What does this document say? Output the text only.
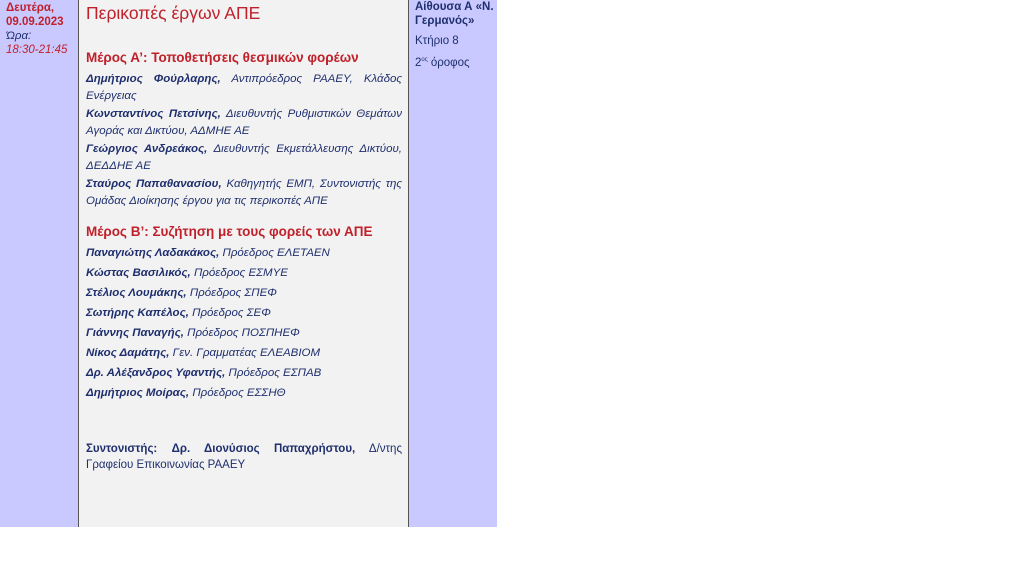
Δευτέρα,
09.09.2023
Ώρα:
18:30-21:45
Περικοπές έργων ΑΠΕ
Μέρος Α’: Τοποθετήσεις θεσμικών φορέων
Δημήτριος Φούρλαρης, Αντιπρόεδρος ΡΑΑΕΥ, Κλάδος Ενέργειας
Κωνσταντίνος Πετσίνης, Διευθυντής Ρυθμιστικών Θεμάτων Αγοράς και Δικτύου, ΑΔΜΗΕ ΑΕ
Γεώργιος Ανδρεάκος, Διευθυντής Εκμετάλλευσης Δικτύου, ΔΕΔΔΗΕ ΑΕ
Σταύρος Παπαθανασίου, Καθηγητής ΕΜΠ, Συντονιστής της Ομάδας Διοίκησης έργου για τις περικοπές ΑΠΕ
Μέρος Β’: Συζήτηση με τους φορείς των ΑΠΕ
Παναγιώτης Λαδακάκος, Πρόεδρος ΕΛΕΤΑΕΝ
Κώστας Βασιλικός, Πρόεδρος ΕΣΜΥΕ
Στέλιος Λουμάκης, Πρόεδρος ΣΠΕΦ
Σωτήρης Καπέλος, Πρόεδρος ΣΕΦ
Γιάννης Παναγής, Πρόεδρος ΠΟΣΠΗΕΦ
Νίκος Δαμάτης, Γεν. Γραμματέας ΕΛΕΑΒΙΟΜ
Δρ. Αλέξανδρος Υφαντής, Πρόεδρος ΕΣΠΑΒ
Δημήτριος Μοίρας, Πρόεδρος ΕΣΣΗΘ
Συντονιστής: Δρ. Διονύσιος Παπαχρήστου, Δ/ντης Γραφείου Επικοινωνίας ΡΑΑΕΥ
Αίθουσα Α «Ν. Γερμανός»
Κτήριο 8
$2^{o\varsigma}$ όροφος
